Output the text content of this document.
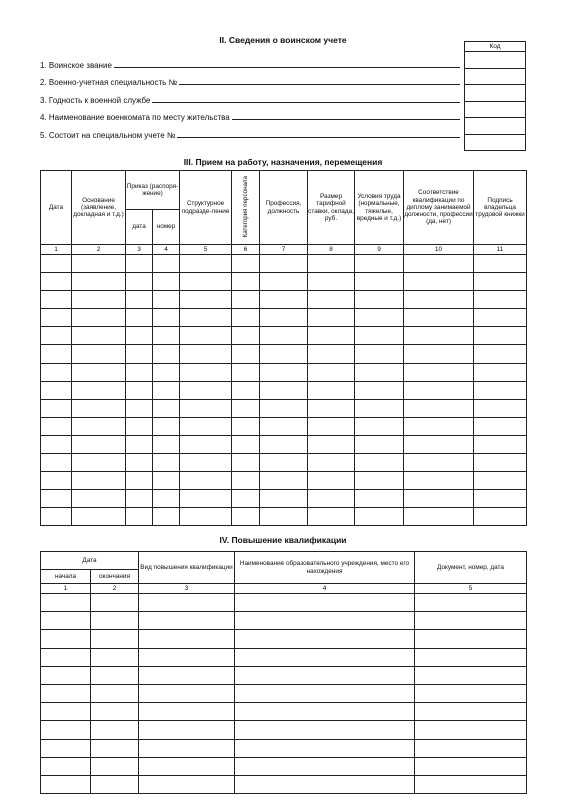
II. Сведения о воинском учете
1. Воинское звание
2. Военно-учетная специальность №
3. Годность к военной службе
4. Наименование военкомата по месту жительства
5. Состоит на специальном учете №
Код

III. Прием на работу, назначения, перемещения
Дата	Основание (заявление, докладная и т.д.)	Приказ (распоря-жение)		Структурное подразде-ление	Категория персонала	Профессия, должность	Размер тарифной ставки, оклада, руб.	Условия труда (нормальные, тяжелые, вредные и т.д.)	Соответствие квалификации по диплому занимаемой должности, профессии (да, нет)	Подпись владельца трудовой книжки
		дата	номер							
1	2	3	4	5	6	7	8	9	10	11

IV. Повышение квалификации
Дата		Вид повышения квалификации	Наименование образовательного учреждения, место его нахождения	Документ, номер, дата
начала	окончания			
1	2	3	4	5
